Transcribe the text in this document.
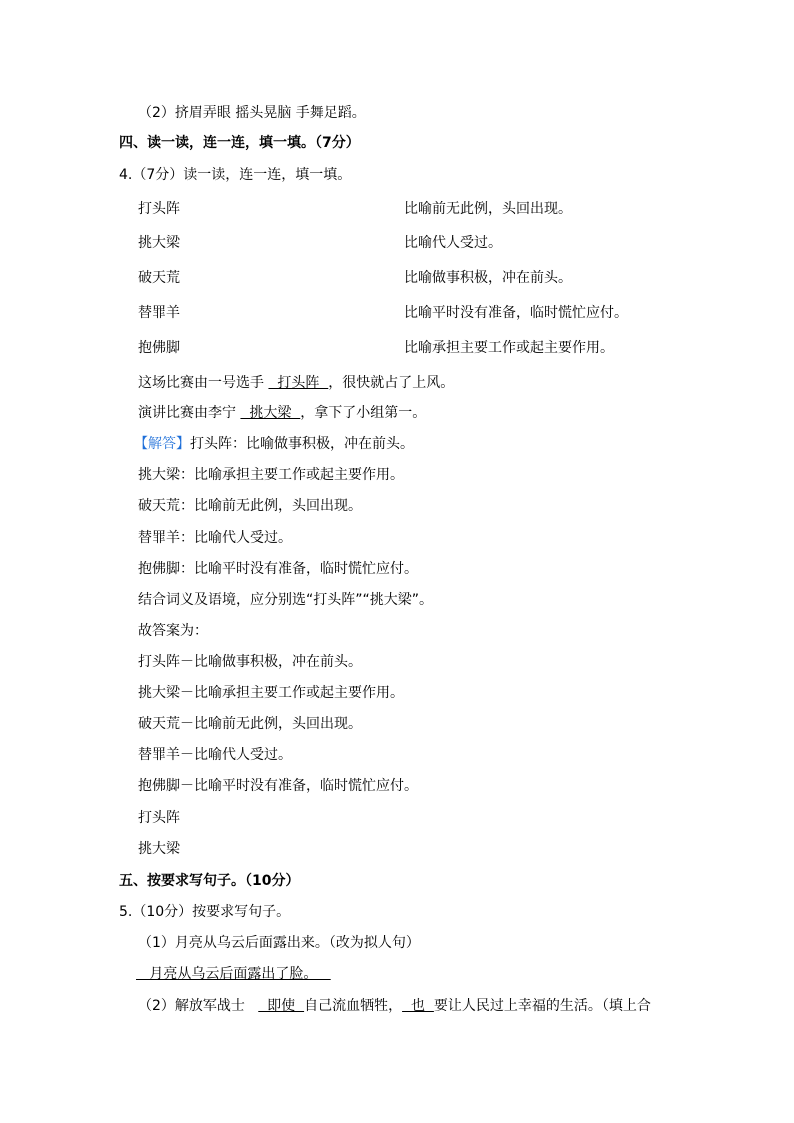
（2）挤眉弄眼 摇头晃脑 手舞足蹈。
四、读一读，连一连，填一填。（7分）
4.（7分）读一读，连一连，填一填。
打头阵	比喻前无此例，头回出现。
挑大梁	比喻代人受过。
破天荒	比喻做事积极，冲在前头。
替罪羊	比喻平时没有准备，临时慌忙应付。
抱佛脚	比喻承担主要工作或起主要作用。
这场比赛由一号选手   打头阵  ，很快就占了上风。
演讲比赛由李宁   挑大梁  ，拿下了小组第一。
【解答】打头阵：比喻做事积极，冲在前头。
挑大梁：比喻承担主要工作或起主要作用。
破天荒：比喻前无此例，头回出现。
替罪羊：比喻代人受过。
抱佛脚：比喻平时没有准备，临时慌忙应付。
结合词义及语境，应分别选“打头阵”“挑大梁”。
故答案为：
打头阵－比喻做事积极，冲在前头。
挑大梁－比喻承担主要工作或起主要作用。
破天荒－比喻前无此例，头回出现。
替罪羊－比喻代人受过。
抱佛脚－比喻平时没有准备，临时慌忙应付。
打头阵
挑大梁
五、按要求写句子。（10分）
5.（10分）按要求写句子。
（1）月亮从乌云后面露出来。（改为拟人句）
月亮从乌云后面露出了脸。
（2）解放军战士     即使  自己流血牺牲，  也  要让人民过上幸福的生活。（填上合
